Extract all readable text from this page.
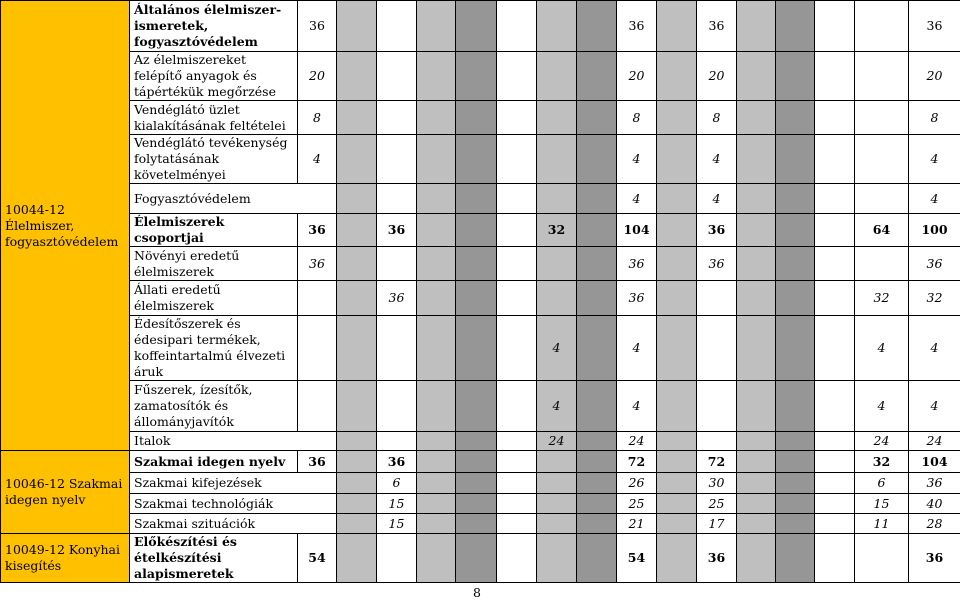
10044-12 Élelmiszer, fogyasztóvédelem	Általános élelmiszer-ismeretek, fogyasztóvédelem	36								36		36					36
	Az élelmiszereket felépítő anyagok és tápértékük megőrzése	20								20		20					20
	Vendéglátó üzlet kialakításának feltételei	8								8		8					8
	Vendéglátó tevékenység folytatásának követelményei	4								4		4					4
	Fogyasztóvédelem									4		4					4
	Élelmiszerek csoportjai	36		36				32		104		36				64	100
	Növényi eredetű élelmiszerek	36								36		36					36
	Állati eredetű élelmiszerek			36						36						32	32
	Édesítőszerek és édesipari termékek, koffeintartalmú élvezeti áruk							4		4						4	4
	Fűszerek, ízesítők, zamatosítók és állományjavítók							4		4						4	4
	Italok							24		24						24	24
10046-12 Szakmai idegen nyelv	Szakmai idegen nyelv	36		36						72		72				32	104
	Szakmai kifejezések			6						26		30				6	36
	Szakmai technológiák			15						25		25				15	40
	Szakmai szituációk			15						21		17				11	28
10049-12 Konyhai kisegítés	Előkészítési és ételkészítési alapismeretek	54								54		36					36
8
